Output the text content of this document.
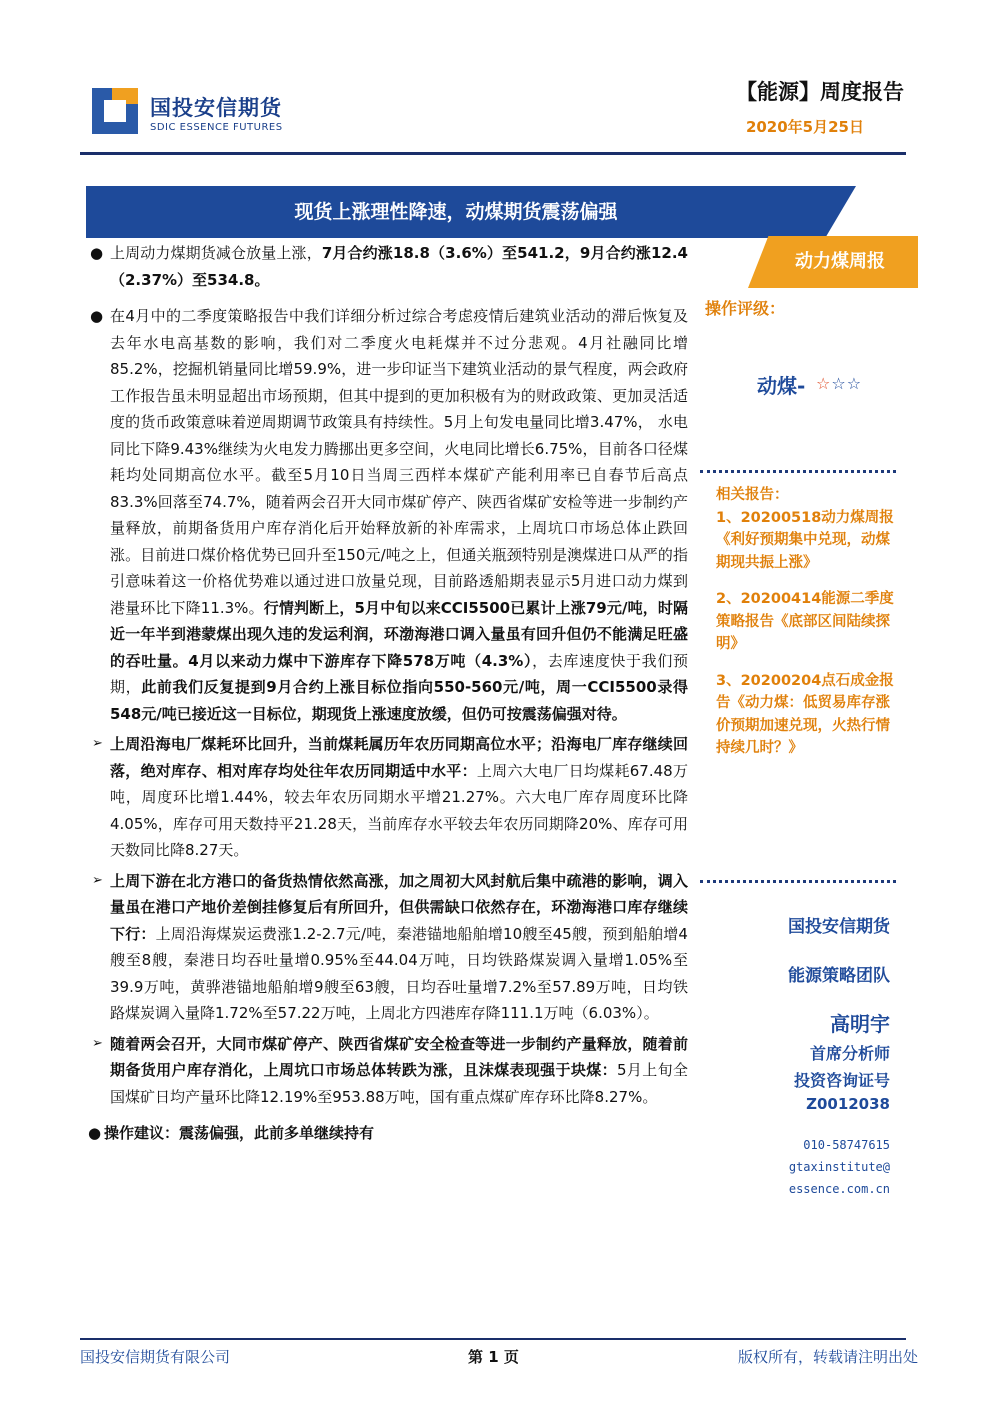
国投安信期货
SDIC ESSENCE FUTURES
【能源】周度报告
2020年5月25日
现货上涨理性降速，动煤期货震荡偏强
动力煤周报

● 上周动力煤期货减仓放量上涨，7月合约涨18.8（3.6%）至541.2，9月合约涨12.4（2.37%）至534.8。

● 在4月中的二季度策略报告中我们详细分析过综合考虑疫情后建筑业活动的滞后恢复及去年水电高基数的影响，我们对二季度火电耗煤并不过分悲观。4月社融同比增85.2%，挖掘机销量同比增59.9%，进一步印证当下建筑业活动的景气程度，两会政府工作报告虽未明显超出市场预期，但其中提到的更加积极有为的财政政策、更加灵活适度的货币政策意味着逆周期调节政策具有持续性。5月上旬发电量同比增3.47%， 水电同比下降9.43%继续为火电发力腾挪出更多空间，火电同比增长6.75%，目前各口径煤耗均处同期高位水平。截至5月10日当周三西样本煤矿产能利用率已自春节后高点83.3%回落至74.7%，随着两会召开大同市煤矿停产、陕西省煤矿安检等进一步制约产量释放，前期备货用户库存消化后开始释放新的补库需求，上周坑口市场总体止跌回涨。目前进口煤价格优势已回升至150元/吨之上，但通关瓶颈特别是澳煤进口从严的指引意味着这一价格优势难以通过进口放量兑现，目前路透船期表显示5月进口动力煤到港量环比下降11.3%。行情判断上，5月中旬以来CCI5500已累计上涨79元/吨，时隔近一年半到港蒙煤出现久违的发运利润，环渤海港口调入量虽有回升但仍不能满足旺盛的吞吐量。4月以来动力煤中下游库存下降578万吨（4.3%），去库速度快于我们预期，此前我们反复提到9月合约上涨目标位指向550-560元/吨，周一CCI5500录得548元/吨已接近这一目标位，期现货上涨速度放缓，但仍可按震荡偏强对待。

➢ 上周沿海电厂煤耗环比回升，当前煤耗属历年农历同期高位水平；沿海电厂库存继续回落，绝对库存、相对库存均处往年农历同期适中水平：上周六大电厂日均煤耗67.48万吨，周度环比增1.44%，较去年农历同期水平增21.27%。六大电厂库存周度环比降4.05%，库存可用天数持平21.28天，当前库存水平较去年农历同期降20%、库存可用天数同比降8.27天。

➢ 上周下游在北方港口的备货热情依然高涨，加之周初大风封航后集中疏港的影响，调入量虽在港口产地价差倒挂修复后有所回升，但供需缺口依然存在，环渤海港口库存继续下行：上周沿海煤炭运费涨1.2-2.7元/吨，秦港锚地船舶增10艘至45艘，预到船舶增4艘至8艘，秦港日均吞吐量增0.95%至44.04万吨，日均铁路煤炭调入量增1.05%至39.9万吨，黄骅港锚地船舶增9艘至63艘，日均吞吐量增7.2%至57.89万吨，日均铁路煤炭调入量降1.72%至57.22万吨，上周北方四港库存降111.1万吨（6.03%）。

➢ 随着两会召开，大同市煤矿停产、陕西省煤矿安全检查等进一步制约产量释放，随着前期备货用户库存消化，上周坑口市场总体转跌为涨，且沫煤表现强于块煤：5月上旬全国煤矿日均产量环比降12.19%至953.88万吨，国有重点煤矿库存环比降8.27%。

● 操作建议：震荡偏强，此前多单继续持有

操作评级：
动煤- ☆☆☆
相关报告：
1、20200518动力煤周报《利好预期集中兑现，动煤期现共振上涨》
2、20200414能源二季度策略报告《底部区间陆续探明》
3、20200204点石成金报告《动力煤：低贸易库存涨价预期加速兑现，火热行情持续几时？》
国投安信期货
能源策略团队
高明宇
首席分析师
投资咨询证号
Z0012038
010-58747615
gtaxinstitute@
essence.com.cn
国投安信期货有限公司	第 1 页	版权所有，转载请注明出处
